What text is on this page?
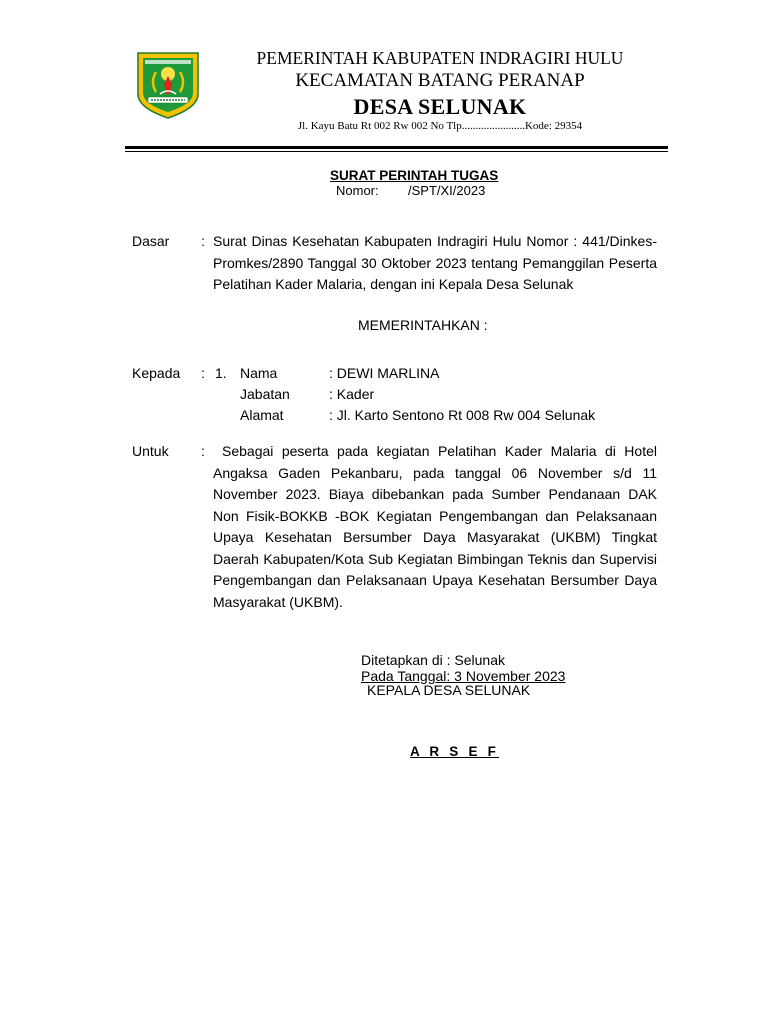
PEMERINTAH KABUPATEN INDRAGIRI HULU
KECAMATAN BATANG PERANAP
DESA SELUNAK
Jl. Kayu Batu Rt 002 Rw 002 No Tlp.......................Kode: 29354
SURAT PERINTAH TUGAS
Nomor: /SPT/XI/2023
Dasar : Surat Dinas Kesehatan Kabupaten Indragiri Hulu Nomor : 441/Dinkes-Promkes/2890 Tanggal 30 Oktober 2023 tentang Pemanggilan Peserta Pelatihan Kader Malaria, dengan ini Kepala Desa Selunak
MEMERINTAHKAN :
Kepada : 1. Nama	: DEWI MARLINA
Jabatan	: Kader
Alamat	: Jl. Karto Sentono Rt 008 Rw 004 Selunak
Untuk :	Sebagai peserta pada kegiatan Pelatihan Kader Malaria di Hotel Angaksa Gaden Pekanbaru, pada tanggal 06 November s/d 11 November 2023. Biaya dibebankan pada Sumber Pendanaan DAK Non Fisik-BOKKB -BOK Kegiatan Pengembangan dan Pelaksanaan Upaya Kesehatan Bersumber Daya Masyarakat (UKBM) Tingkat Daerah Kabupaten/Kota Sub Kegiatan Bimbingan Teknis dan Supervisi Pengembangan dan Pelaksanaan Upaya Kesehatan Bersumber Daya Masyarakat (UKBM).
Ditetapkan di : Selunak
Pada Tanggal: 3 November 2023
KEPALA DESA SELUNAK
A R S E F
